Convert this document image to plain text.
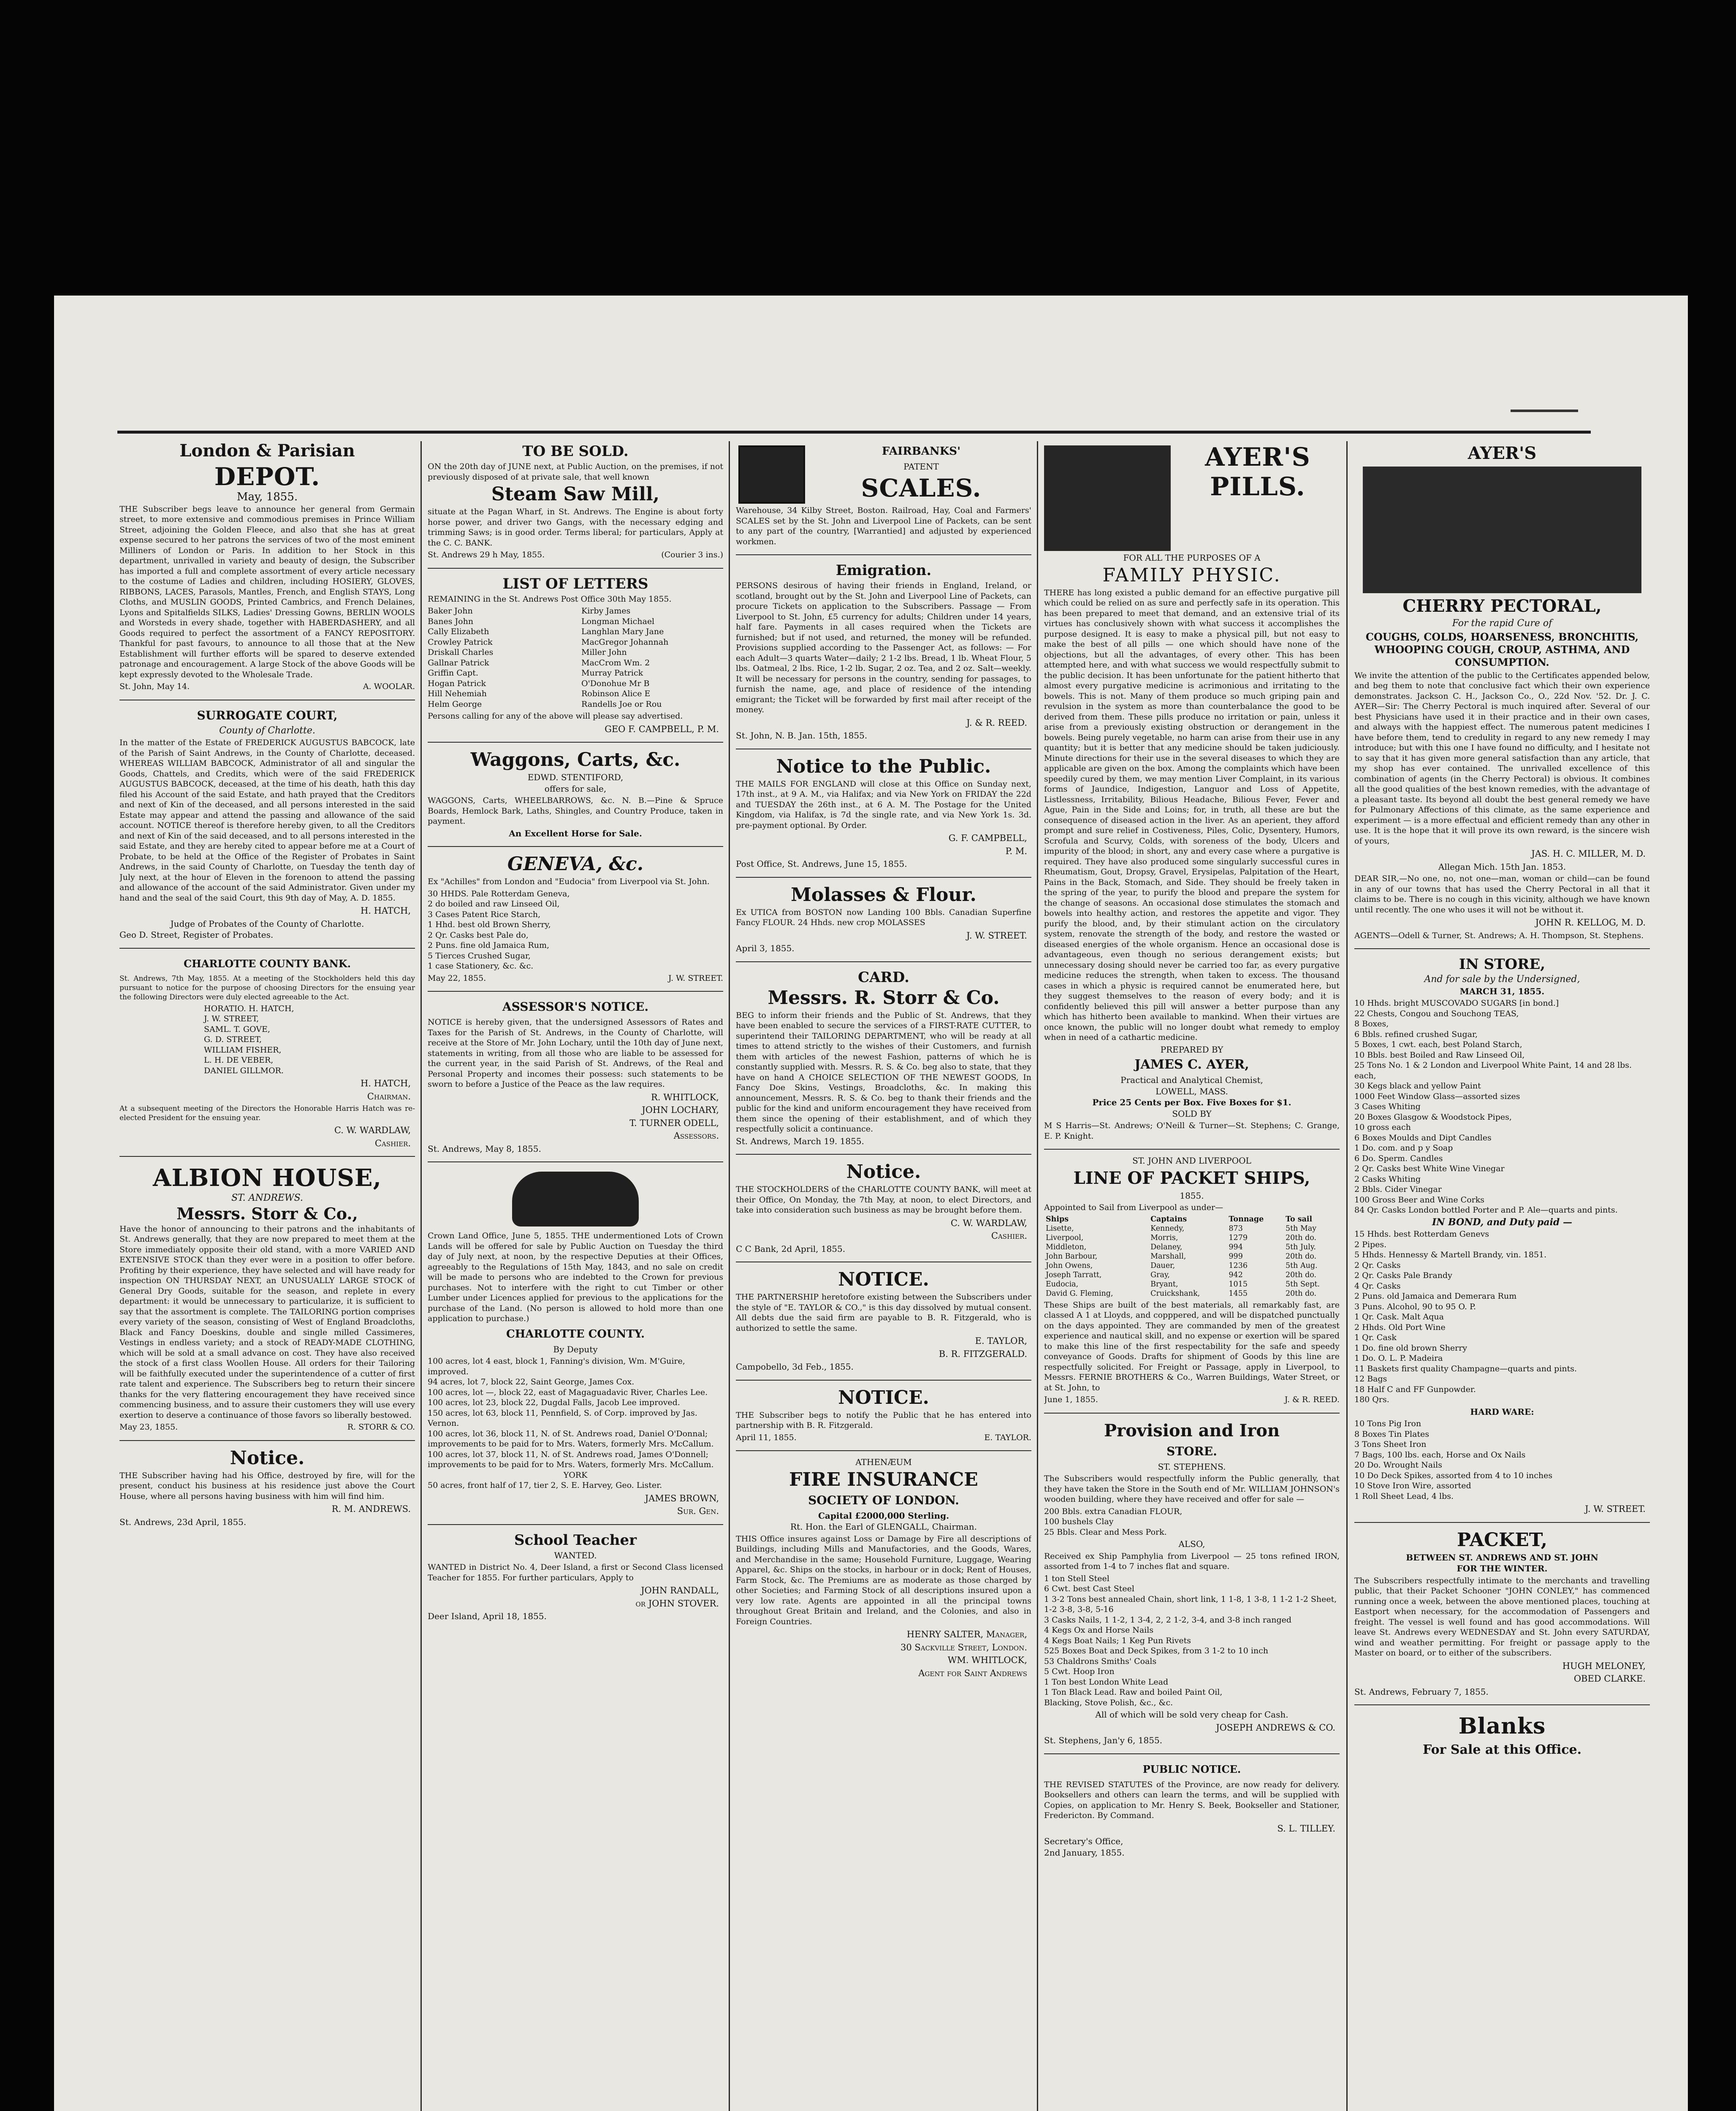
London & Parisian
DEPOT.
May, 1855.
THE Subscriber begs leave to announce her general from Germain street, to more extensive and commodious premises in Prince William Street, adjoining the Golden Fleece, and also that she has at great expense secured to her patrons the services of two of the most eminent Milliners of London or Paris. In addition to her Stock in this department, unrivalled in variety and beauty of design, the Subscriber has imported a full and complete assortment of every article necessary to the costume of Ladies and children, including HOSIERY, GLOVES, RIBBONS, LACES, Parasols, Mantles, French, and English STAYS, Long Cloths, and MUSLIN GOODS, Printed Cambrics, and French Delaines, Lyons and Spitalfields SILKS, Ladies' Dressing Gowns, BERLIN WOOLS and Worsteds in every shade, together with HABERDASHERY, and all Goods required to perfect the assortment of a FANCY REPOSITORY. Thankful for past favours, to announce to all those that at the New Establishment will further efforts will be spared to deserve extended patronage and encouragement. A large Stock of the above Goods will be kept expressly devoted to the Wholesale Trade.
St. John, May 14.	A. WOOLAR.
SURROGATE COURT,
County of Charlotte.
In the matter of the Estate of FREDERICK AUGUSTUS BABCOCK, late of the Parish of Saint Andrews, in the County of Charlotte, deceased. WHEREAS WILLIAM BABCOCK, Administrator of all and singular the Goods, Chattels, and Credits, which were of the said FREDERICK AUGUSTUS BABCOCK, deceased, at the time of his death, hath this day filed his Account of the said Estate, and hath prayed that the Creditors and next of Kin of the deceased, and all persons interested in the said Estate may appear and attend the passing and allowance of the said account. NOTICE thereof is therefore hereby given, to all the Creditors and next of Kin of the said deceased, and to all persons interested in the said Estate, and they are hereby cited to appear before me at a Court of Probate, to be held at the Office of the Register of Probates in Saint Andrews, in the said County of Charlotte, on Tuesday the tenth day of July next, at the hour of Eleven in the forenoon to attend the passing and allowance of the account of the said Administrator. Given under my hand and the seal of the said Court, this 9th day of May, A. D. 1855.
H. HATCH,
Judge of Probates of the County of Charlotte.
Geo D. Street, Register of Probates.
CHARLOTTE COUNTY BANK.
St. Andrews, 7th May, 1855. At a meeting of the Stockholders held this day pursuant to notice for the purpose of choosing Directors for the ensuing year the following Directors were duly elected agreeable to the Act.
HORATIO. H. HATCH,
J. W. STREET,
SAML. T. GOVE,
G. D. STREET,
WILLIAM FISHER,
L. H. DE VEBER,
DANIEL GILLMOR.
H. HATCH,
Chairman.
At a subsequent meeting of the Directors the Honorable Harris Hatch was re-elected President for the ensuing year.
C. W. WARDLAW,
Cashier.
ALBION HOUSE,
ST. ANDREWS.
Messrs. Storr & Co.,
Have the honor of announcing to their patrons and the inhabitants of St. Andrews generally, that they are now prepared to meet them at the Store immediately opposite their old stand, with a more VARIED AND EXTENSIVE STOCK than they ever were in a position to offer before. Profiting by their experience, they have selected and will have ready for inspection ON THURSDAY NEXT, an UNUSUALLY LARGE STOCK of General Dry Goods, suitable for the season, and replete in every department: it would be unnecessary to particularize, it is sufficient to say that the assortment is complete. The TAILORING portion comprises every variety of the season, consisting of West of England Broadcloths, Black and Fancy Doeskins, double and single milled Cassimeres, Vestings in endless variety; and a stock of READY-MADE CLOTHING, which will be sold at a small advance on cost. They have also received the stock of a first class Woollen House. All orders for their Tailoring will be faithfully executed under the superintendence of a cutter of first rate talent and experience. The Subscribers beg to return their sincere thanks for the very flattering encouragement they have received since commencing business, and to assure their customers they will use every exertion to deserve a continuance of those favors so liberally bestowed.
May 23, 1855.	R. STORR & CO.
Notice.
THE Subscriber having had his Office, destroyed by fire, will for the present, conduct his business at his residence just above the Court House, where all persons having business with him will find him.
R. M. ANDREWS.
St. Andrews, 23d April, 1855.
TO BE SOLD.
ON the 20th day of JUNE next, at Public Auction, on the premises, if not previously disposed of at private sale, that well known
Steam Saw Mill,
situate at the Pagan Wharf, in St. Andrews. The Engine is about forty horse power, and driver two Gangs, with the necessary edging and trimming Saws; is in good order. Terms liberal; for particulars, Apply at the C. C. BANK.
St. Andrews 29 h May, 1855.	(Courier 3 ins.)
LIST OF LETTERS
REMAINING in the St. Andrews Post Office 30th May 1855.
Baker John	Kirby James
Banes John	Longman Michael
Cally Elizabeth	Langhlan Mary Jane
Crowley Patrick	MacGregor Johannah
Driskall Charles	Miller John
Gallnar Patrick	MacCrom Wm. 2
Griffin Capt.	Murray Patrick
Hogan Patrick	O'Donohue Mr B
Hill Nehemiah	Robinson Alice E
Helm George	Randells Joe or Rou
Persons calling for any of the above will please say advertised.
GEO F. CAMPBELL, P. M.
Waggons, Carts, &c.
EDWD. STENTIFORD,
offers for sale,
WAGGONS, Carts, WHEELBARROWS, &c. N. B.—Pine & Spruce Boards, Hemlock Bark, Laths, Shingles, and Country Produce, taken in payment.
An Excellent Horse for Sale.
GENEVA, &c.
Ex "Achilles" from London and "Eudocia" from Liverpool via St. John.
30 HHDS. Pale Rotterdam Geneva,
2 do boiled and raw Linseed Oil,
3 Cases Patent Rice Starch,
1 Hhd. best old Brown Sherry,
2 Qr. Casks best Pale do,
2 Puns. fine old Jamaica Rum,
5 Tierces Crushed Sugar,
1 case Stationery, &c. &c.
May 22, 1855.	J. W. STREET.
ASSESSOR'S NOTICE.
NOTICE is hereby given, that the undersigned Assessors of Rates and Taxes for the Parish of St. Andrews, in the County of Charlotte, will receive at the Store of Mr. John Lochary, until the 10th day of June next, statements in writing, from all those who are liable to be assessed for the current year, in the said Parish of St. Andrews, of the Real and Personal Property and incomes their possess: such statements to be sworn to before a Justice of the Peace as the law requires.
R. WHITLOCK,
JOHN LOCHARY,
T. TURNER ODELL,
Assessors.
St. Andrews, May 8, 1855.
Crown Land Office, June 5, 1855. THE undermentioned Lots of Crown Lands will be offered for sale by Public Auction on Tuesday the third day of July next, at noon, by the respective Deputies at their Offices, agreeably to the Regulations of 15th May, 1843, and no sale on credit will be made to persons who are indebted to the Crown for previous purchases. Not to interfere with the right to cut Timber or other Lumber under Licences applied for previous to the applications for the purchase of the Land. (No person is allowed to hold more than one application to purchase.)
CHARLOTTE COUNTY.
By Deputy
100 acres, lot 4 east, block 1, Fanning's division, Wm. M'Guire, improved.
94 acres, lot 7, block 22, Saint George, James Cox.
100 acres, lot —, block 22, east of Magaguadavic River, Charles Lee.
100 acres, lot 23, block 22, Dugdal Falls, Jacob Lee improved.
150 acres, lot 63, block 11, Pennfield, S. of Corp. improved by Jas. Vernon.
100 acres, lot 36, block 11, N. of St. Andrews road, Daniel O'Donnal; improvements to be paid for to Mrs. Waters, formerly Mrs. McCallum.
100 acres, lot 37, block 11, N. of St. Andrews road, James O'Donnell; improvements to be paid for to Mrs. Waters, formerly Mrs. McCallum.
YORK
50 acres, front half of 17, tier 2, S. E. Harvey, Geo. Lister.
JAMES BROWN,
Sur. Gen.
School Teacher
WANTED.
WANTED in District No. 4, Deer Island, a first or Second Class licensed Teacher for 1855. For further particulars, Apply to
JOHN RANDALL,
or JOHN STOVER.
Deer Island, April 18, 1855.
FAIRBANKS'
PATENT
SCALES.
Warehouse, 34 Kilby Street, Boston. Railroad, Hay, Coal and Farmers' SCALES set by the St. John and Liverpool Line of Packets, can be sent to any part of the country, [Warrantied] and adjusted by experienced workmen.
Emigration.
PERSONS desirous of having their friends in England, Ireland, or scotland, brought out by the St. John and Liverpool Line of Packets, can procure Tickets on application to the Subscribers. Passage — From Liverpool to St. John, £5 currency for adults; Children under 14 years, half fare. Payments in all cases required when the Tickets are furnished; but if not used, and returned, the money will be refunded. Provisions supplied according to the Passenger Act, as follows: — For each Adult—3 quarts Water—daily; 2 1-2 lbs. Bread, 1 lb. Wheat Flour, 5 lbs. Oatmeal, 2 lbs. Rice, 1-2 lb. Sugar, 2 oz. Tea, and 2 oz. Salt—weekly. It will be necessary for persons in the country, sending for passages, to furnish the name, age, and place of residence of the intending emigrant; the Ticket will be forwarded by first mail after receipt of the money.
J. & R. REED.
St. John, N. B. Jan. 15th, 1855.
Notice to the Public.
THE MAILS FOR ENGLAND will close at this Office on Sunday next, 17th inst., at 9 A. M., via Halifax; and via New York on FRIDAY the 22d and TUESDAY the 26th inst., at 6 A. M. The Postage for the United Kingdom, via Halifax, is 7d the single rate, and via New York 1s. 3d. pre-payment optional. By Order.
G. F. CAMPBELL,
P. M.
Post Office, St. Andrews, June 15, 1855.
Molasses & Flour.
Ex UTICA from BOSTON now Landing 100 Bbls. Canadian Superfine Fancy FLOUR. 24 Hhds. new crop MOLASSES
J. W. STREET.
April 3, 1855.
CARD.
Messrs. R. Storr & Co.
BEG to inform their friends and the Public of St. Andrews, that they have been enabled to secure the services of a FIRST-RATE CUTTER, to superintend their TAILORING DEPARTMENT, who will be ready at all times to attend strictly to the wishes of their Customers, and furnish them with articles of the newest Fashion, patterns of which he is constantly supplied with. Messrs. R. S. & Co. beg also to state, that they have on hand A CHOICE SELECTION OF THE NEWEST GOODS, In Fancy Doe Skins, Vestings, Broadcloths, &c. In making this announcement, Messrs. R. S. & Co. beg to thank their friends and the public for the kind and uniform encouragement they have received from them since the opening of their establishment, and of which they respectfully solicit a continuance.
St. Andrews, March 19. 1855.
Notice.
THE STOCKHOLDERS of the CHARLOTTE COUNTY BANK, will meet at their Office, On Monday, the 7th May, at noon, to elect Directors, and take into consideration such business as may be brought before them.
C. W. WARDLAW,
Cashier.
C C Bank, 2d April, 1855.
NOTICE.
THE PARTNERSHIP heretofore existing between the Subscribers under the style of "E. TAYLOR & CO.," is this day dissolved by mutual consent. All debts due the said firm are payable to B. R. Fitzgerald, who is authorized to settle the same.
E. TAYLOR,
B. R. FITZGERALD.
Campobello, 3d Feb., 1855.
NOTICE.
THE Subscriber begs to notify the Public that he has entered into partnership with B. R. Fitzgerald.
April 11, 1855.	E. TAYLOR.
ATHENÆUM
FIRE INSURANCE
SOCIETY OF LONDON.
Capital £2000,000 Sterling.
Rt. Hon. the Earl of GLENGALL, Chairman.
THIS Office insures against Loss or Damage by Fire all descriptions of Buildings, including Mills and Manufactories, and the Goods, Wares, and Merchandise in the same; Household Furniture, Luggage, Wearing Apparel, &c. Ships on the stocks, in harbour or in dock; Rent of Houses, Farm Stock, &c. The Premiums are as moderate as those charged by other Societies; and Farming Stock of all descriptions insured upon a very low rate. Agents are appointed in all the principal towns throughout Great Britain and Ireland, and the Colonies, and also in Foreign Countries.
HENRY SALTER, Manager,
30 Sackville Street, London.
WM. WHITLOCK,
Agent for Saint Andrews
AYER'S
PILLS.
FOR ALL THE PURPOSES OF A
FAMILY PHYSIC.
THERE has long existed a public demand for an effective purgative pill which could be relied on as sure and perfectly safe in its operation. This has been prepared to meet that demand, and an extensive trial of its virtues has conclusively shown with what success it accomplishes the purpose designed. It is easy to make a physical pill, but not easy to make the best of all pills — one which should have none of the objections, but all the advantages, of every other. This has been attempted here, and with what success we would respectfully submit to the public decision. It has been unfortunate for the patient hitherto that almost every purgative medicine is acrimonious and irritating to the bowels. This is not. Many of them produce so much griping pain and revulsion in the system as more than counterbalance the good to be derived from them. These pills produce no irritation or pain, unless it arise from a previously existing obstruction or derangement in the bowels. Being purely vegetable, no harm can arise from their use in any quantity; but it is better that any medicine should be taken judiciously. Minute directions for their use in the several diseases to which they are applicable are given on the box. Among the complaints which have been speedily cured by them, we may mention Liver Complaint, in its various forms of Jaundice, Indigestion, Languor and Loss of Appetite, Listlessness, Irritability, Bilious Headache, Bilious Fever, Fever and Ague, Pain in the Side and Loins; for, in truth, all these are but the consequence of diseased action in the liver. As an aperient, they afford prompt and sure relief in Costiveness, Piles, Colic, Dysentery, Humors, Scrofula and Scurvy, Colds, with soreness of the body, Ulcers and impurity of the blood; in short, any and every case where a purgative is required. They have also produced some singularly successful cures in Rheumatism, Gout, Dropsy, Gravel, Erysipelas, Palpitation of the Heart, Pains in the Back, Stomach, and Side. They should be freely taken in the spring of the year, to purify the blood and prepare the system for the change of seasons. An occasional dose stimulates the stomach and bowels into healthy action, and restores the appetite and vigor. They purify the blood, and, by their stimulant action on the circulatory system, renovate the strength of the body, and restore the wasted or diseased energies of the whole organism. Hence an occasional dose is advantageous, even though no serious derangement exists; but unnecessary dosing should never be carried too far, as every purgative medicine reduces the strength, when taken to excess. The thousand cases in which a physic is required cannot be enumerated here, but they suggest themselves to the reason of every body; and it is confidently believed this pill will answer a better purpose than any which has hitherto been available to mankind. When their virtues are once known, the public will no longer doubt what remedy to employ when in need of a cathartic medicine.
PREPARED BY
JAMES C. AYER,
Practical and Analytical Chemist,
LOWELL, MASS.
Price 25 Cents per Box. Five Boxes for $1.
SOLD BY
M S Harris—St. Andrews; O'Neill & Turner—St. Stephens; C. Grange, E. P. Knight.
ST. JOHN AND LIVERPOOL
LINE OF PACKET SHIPS,
1855.
Appointed to Sail from Liverpool as under—
Ships	Captains	Tonnage	To sail
Lisette,	Kennedy,	873	5th May
Liverpool,	Morris,	1279	20th do.
Middleton,	Delaney,	994	5th July.
John Barbour,	Marshall,	999	20th do.
John Owens,	Dauer,	1236	5th Aug.
Joseph Tarratt,	Gray,	942	20th do.
Eudocia,	Bryant,	1015	5th Sept.
David G. Fleming,	Cruickshank,	1455	20th do.
These Ships are built of the best materials, all remarkably fast, are classed A 1 at Lloyds, and copppered, and will be dispatched punctually on the days appointed. They are commanded by men of the greatest experience and nautical skill, and no expense or exertion will be spared to make this line of the first respectability for the safe and speedy conveyance of Goods. Drafts for shipment of Goods by this line are respectfully solicited. For Freight or Passage, apply in Liverpool, to Messrs. FERNIE BROTHERS & Co., Warren Buildings, Water Street, or at St. John, to
June 1, 1855.	J. & R. REED.
Provision and Iron
STORE.
ST. STEPHENS.
The Subscribers would respectfully inform the Public generally, that they have taken the Store in the South end of Mr. WILLIAM JOHNSON's wooden building, where they have received and offer for sale —
200 Bbls. extra Canadian FLOUR,
100 bushels Clay
25 Bbls. Clear and Mess Pork.
ALSO,
Received ex Ship Pamphylia from Liverpool — 25 tons refined IRON, assorted from 1-4 to 7 inches flat and square.
1 ton Stell Steel
6 Cwt. best Cast Steel
1 3-2 Tons best annealed Chain, short link, 1 1-8, 1 3-8, 1 1-2 1-2 Sheet, 1-2 3-8, 3-8, 5-16
3 Casks Nails, 1 1-2, 1 3-4, 2, 2 1-2, 3-4, and 3-8 inch ranged
4 Kegs Ox and Horse Nails
4 Kegs Boat Nails; 1 Keg Pun Rivets
525 Boxes Boat and Deck Spikes, from 3 1-2 to 10 inch
53 Chaldrons Smiths' Coals
5 Cwt. Hoop Iron
1 Ton best London White Lead
1 Ton Black Lead. Raw and boiled Paint Oil,
Blacking, Stove Polish, &c., &c.
All of which will be sold very cheap for Cash.
JOSEPH ANDREWS & CO.
St. Stephens, Jan'y 6, 1855.
PUBLIC NOTICE.
THE REVISED STATUTES of the Province, are now ready for delivery. Booksellers and others can learn the terms, and will be supplied with Copies, on application to Mr. Henry S. Beek, Bookseller and Stationer, Fredericton. By Command.
S. L. TILLEY.
Secretary's Office,
2nd January, 1855.
AYER'S
CHERRY PECTORAL,
For the rapid Cure of
COUGHS, COLDS, HOARSENESS, BRONCHITIS, WHOOPING COUGH, CROUP, ASTHMA, AND CONSUMPTION.
We invite the attention of the public to the Certificates appended below, and beg them to note that conclusive fact which their own experience demonstrates. Jackson C. H., Jackson Co., O., 22d Nov. '52. Dr. J. C. AYER—Sir: The Cherry Pectoral is much inquired after. Several of our best Physicians have used it in their practice and in their own cases, and always with the happiest effect. The numerous patent medicines I have before them, tend to credulity in regard to any new remedy I may introduce; but with this one I have found no difficulty, and I hesitate not to say that it has given more general satisfaction than any article, that my shop has ever contained. The unrivalled excellence of this combination of agents (in the Cherry Pectoral) is obvious. It combines all the good qualities of the best known remedies, with the advantage of a pleasant taste. Its beyond all doubt the best general remedy we have for Pulmonary Affections of this climate, as the same experience and experiment — is a more effectual and efficient remedy than any other in use. It is the hope that it will prove its own reward, is the sincere wish of yours,
JAS. H. C. MILLER, M. D.
Allegan Mich. 15th Jan. 1853.
DEAR SIR,—No one, no, not one—man, woman or child—can be found in any of our towns that has used the Cherry Pectoral in all that it claims to be. There is no cough in this vicinity, although we have known until recently. The one who uses it will not be without it.
JOHN R. KELLOG, M. D.
AGENTS—Odell & Turner, St. Andrews; A. H. Thompson, St. Stephens.
IN STORE,
And for sale by the Undersigned,
MARCH 31, 1855.
10 Hhds. bright MUSCOVADO SUGARS [in bond.]
22 Chests, Congou and Souchong TEAS,
8 Boxes,
6 Bbls. refined crushed Sugar,
5 Boxes, 1 cwt. each, best Poland Starch,
10 Bbls. best Boiled and Raw Linseed Oil,
25 Tons No. 1 & 2 London and Liverpool White Paint, 14 and 28 lbs. each,
30 Kegs black and yellow Paint
1000 Feet Window Glass—assorted sizes
3 Cases Whiting
20 Boxes Glasgow & Woodstock Pipes,
10 gross each
6 Boxes Moulds and Dipt Candles
1 Do. com. and p y Soap
6 Do. Sperm. Candles
2 Qr. Casks best White Wine Vinegar
2 Casks Whiting
2 Bbls. Cider Vinegar
100 Gross Beer and Wine Corks
84 Qr. Casks London bottled Porter and P. Ale—quarts and pints.
IN BOND, and Duty paid —
15 Hhds. best Rotterdam Genevs
2 Pipes.
5 Hhds. Hennessy & Martell Brandy, vin. 1851.
2 Qr. Casks
2 Qr. Casks Pale Brandy
4 Qr. Casks
2 Puns. old Jamaica and Demerara Rum
3 Puns. Alcohol, 90 to 95 O. P.
1 Qr. Cask. Malt Aqua
2 Hhds. Old Port Wine
1 Qr. Cask
1 Do. fine old brown Sherry
1 Do. O. L. P. Madeira
11 Baskets first quality Champagne—quarts and pints.
12 Bags
18 Half C and FF Gunpowder.
180 Qrs.
HARD WARE:
10 Tons Pig Iron
8 Boxes Tin Plates
3 Tons Sheet Iron
7 Bags, 100 lbs. each, Horse and Ox Nails
20 Do. Wrought Nails
10 Do Deck Spikes, assorted from 4 to 10 inches
10 Stove Iron Wire, assorted
1 Roll Sheet Lead, 4 lbs.
J. W. STREET.
PACKET,
BETWEEN ST. ANDREWS AND ST. JOHN
FOR THE WINTER.
The Subscribers respectfully intimate to the merchants and travelling public, that their Packet Schooner "JOHN CONLEY," has commenced running once a week, between the above mentioned places, touching at Eastport when necessary, for the accommodation of Passengers and freight. The vessel is well found and has good accommodations. Will leave St. Andrews every WEDNESDAY and St. John every SATURDAY, wind and weather permitting. For freight or passage apply to the Master on board, or to either of the subscribers.
HUGH MELONEY,
OBED CLARKE.
St. Andrews, February 7, 1855.
Blanks
For Sale at this Office.
